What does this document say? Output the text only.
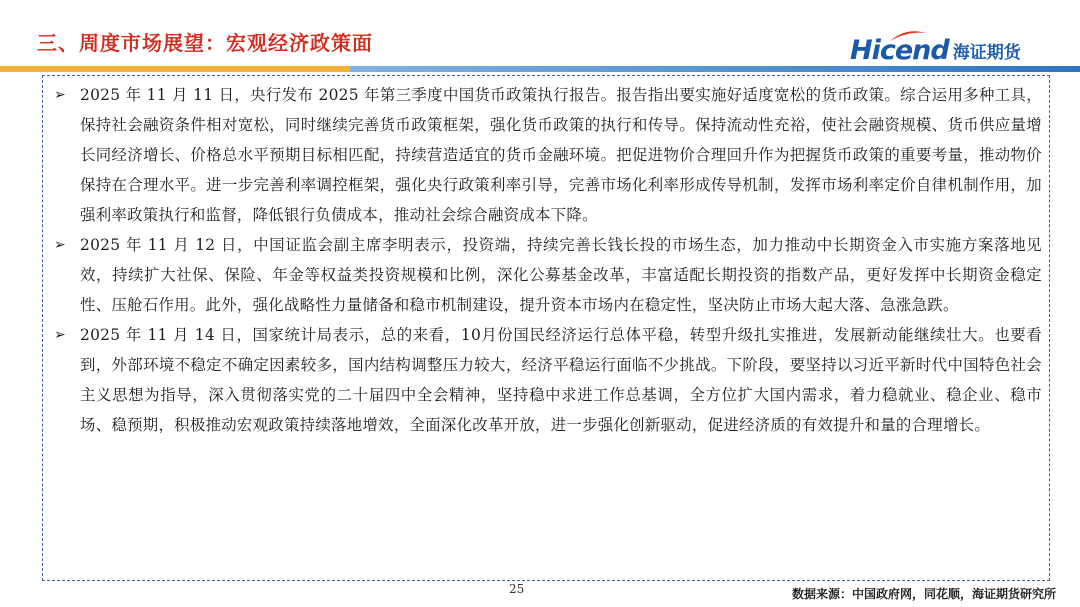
三、周度市场展望：宏观经济政策面	Hicend 海证期货
➢ 2025 年 11 月 11 日，央行发布 2025 年第三季度中国货币政策执行报告。报告指出要实施好适度宽松的货币政策。综合运用多种工具，保持社会融资条件相对宽松，同时继续完善货币政策框架，强化货币政策的执行和传导。保持流动性充裕，使社会融资规模、货币供应量增长同经济增长、价格总水平预期目标相匹配，持续营造适宜的货币金融环境。把促进物价合理回升作为把握货币政策的重要考量，推动物价保持在合理水平。进一步完善利率调控框架，强化央行政策利率引导，完善市场化利率形成传导机制，发挥市场利率定价自律机制作用，加强利率政策执行和监督，降低银行负债成本，推动社会综合融资成本下降。
➢ 2025 年 11 月 12 日，中国证监会副主席李明表示，投资端，持续完善长钱长投的市场生态，加力推动中长期资金入市实施方案落地见效，持续扩大社保、保险、年金等权益类投资规模和比例，深化公募基金改革，丰富适配长期投资的指数产品，更好发挥中长期资金稳定性、压舱石作用。此外，强化战略性力量储备和稳市机制建设，提升资本市场内在稳定性，坚决防止市场大起大落、急涨急跌。
➢ 2025 年 11 月 14 日，国家统计局表示，总的来看，10月份国民经济运行总体平稳，转型升级扎实推进，发展新动能继续壮大。也要看到，外部环境不稳定不确定因素较多，国内结构调整压力较大，经济平稳运行面临不少挑战。下阶段，要坚持以习近平新时代中国特色社会主义思想为指导，深入贯彻落实党的二十届四中全会精神，坚持稳中求进工作总基调，全方位扩大国内需求，着力稳就业、稳企业、稳市场、稳预期，积极推动宏观政策持续落地增效，全面深化改革开放，进一步强化创新驱动，促进经济质的有效提升和量的合理增长。
25	数据来源：中国政府网，同花顺，海证期货研究所
